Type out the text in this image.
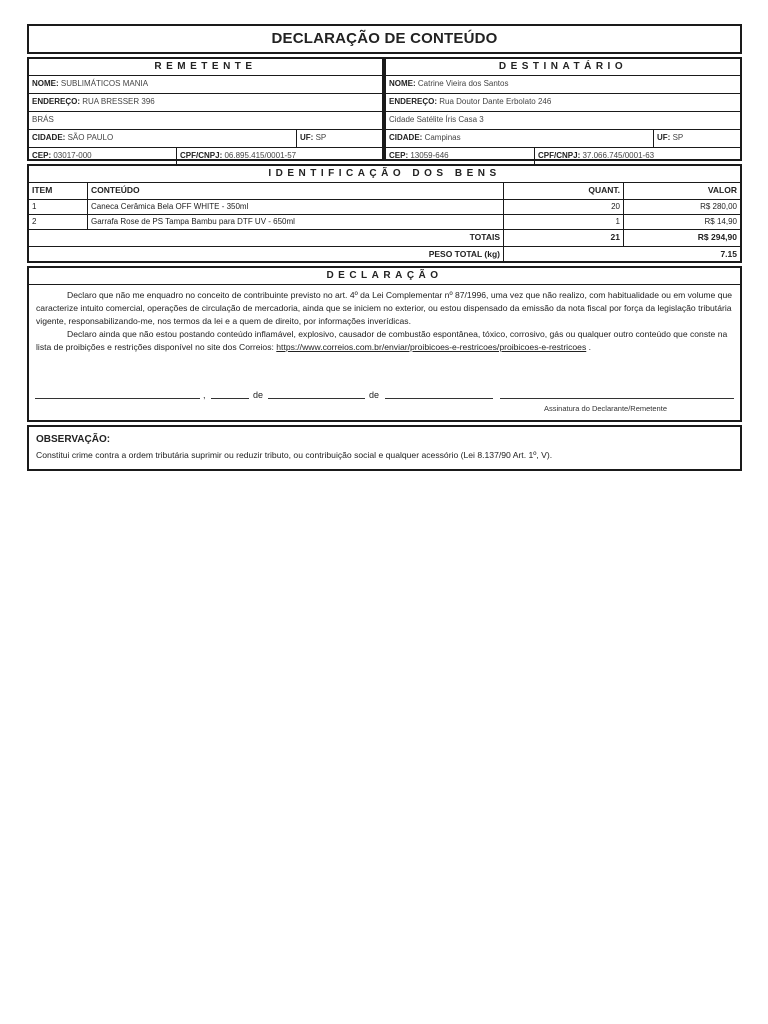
DECLARAÇÃO DE CONTEÚDO
REMETENTE
NOME: SUBLIMÁTICOS MANIA
ENDEREÇO: RUA BRESSER 396
BRÁS
CIDADE: SÃO PAULO	UF: SP
CEP: 03017-000	CPF/CNPJ: 06.895.415/0001-57
DESTINATÁRIO
NOME: Catrine Vieira dos Santos
ENDEREÇO: Rua Doutor Dante Erbolato 246
Cidade Satélite Íris Casa 3
CIDADE: Campinas	UF: SP
CEP: 13059-646	CPF/CNPJ: 37.066.745/0001-63
IDENTIFICAÇÃO DOS BENS
ITEM	CONTEÚDO	QUANT.	VALOR
1	Caneca Cerâmica Bela OFF WHITE - 350ml	20	R$ 280,00
2	Garrafa Rose de PS Tampa Bambu para DTF UV - 650ml	1	R$ 14,90
TOTAIS	21	R$ 294,90
PESO TOTAL (kg)	7.15
DECLARAÇÃO

Declaro que não me enquadro no conceito de contribuinte previsto no art. 4º da Lei Complementar nº 87/1996, uma vez que não realizo, com habitualidade ou em volume que caracterize intuito comercial, operações de circulação de mercadoria, ainda que se iniciem no exterior, ou estou dispensado da emissão da nota fiscal por força da legislação tributária vigente, responsabilizando-me, nos termos da lei e a quem de direito, por informações inverídicas.

Declaro ainda que não estou postando conteúdo inflamável, explosivo, causador de combustão espontânea, tóxico, corrosivo, gás ou qualquer outro conteúdo que conste na lista de proibições e restrições disponível no site dos Correios: https://www.correios.com.br/enviar/proibicoes-e-restricoes/proibicoes-e-restricoes .

,	de	de
Assinatura do Declarante/Remetente
OBSERVAÇÃO:
Constitui crime contra a ordem tributária suprimir ou reduzir tributo, ou contribuição social e qualquer acessório (Lei 8.137/90 Art. 1º, V).
